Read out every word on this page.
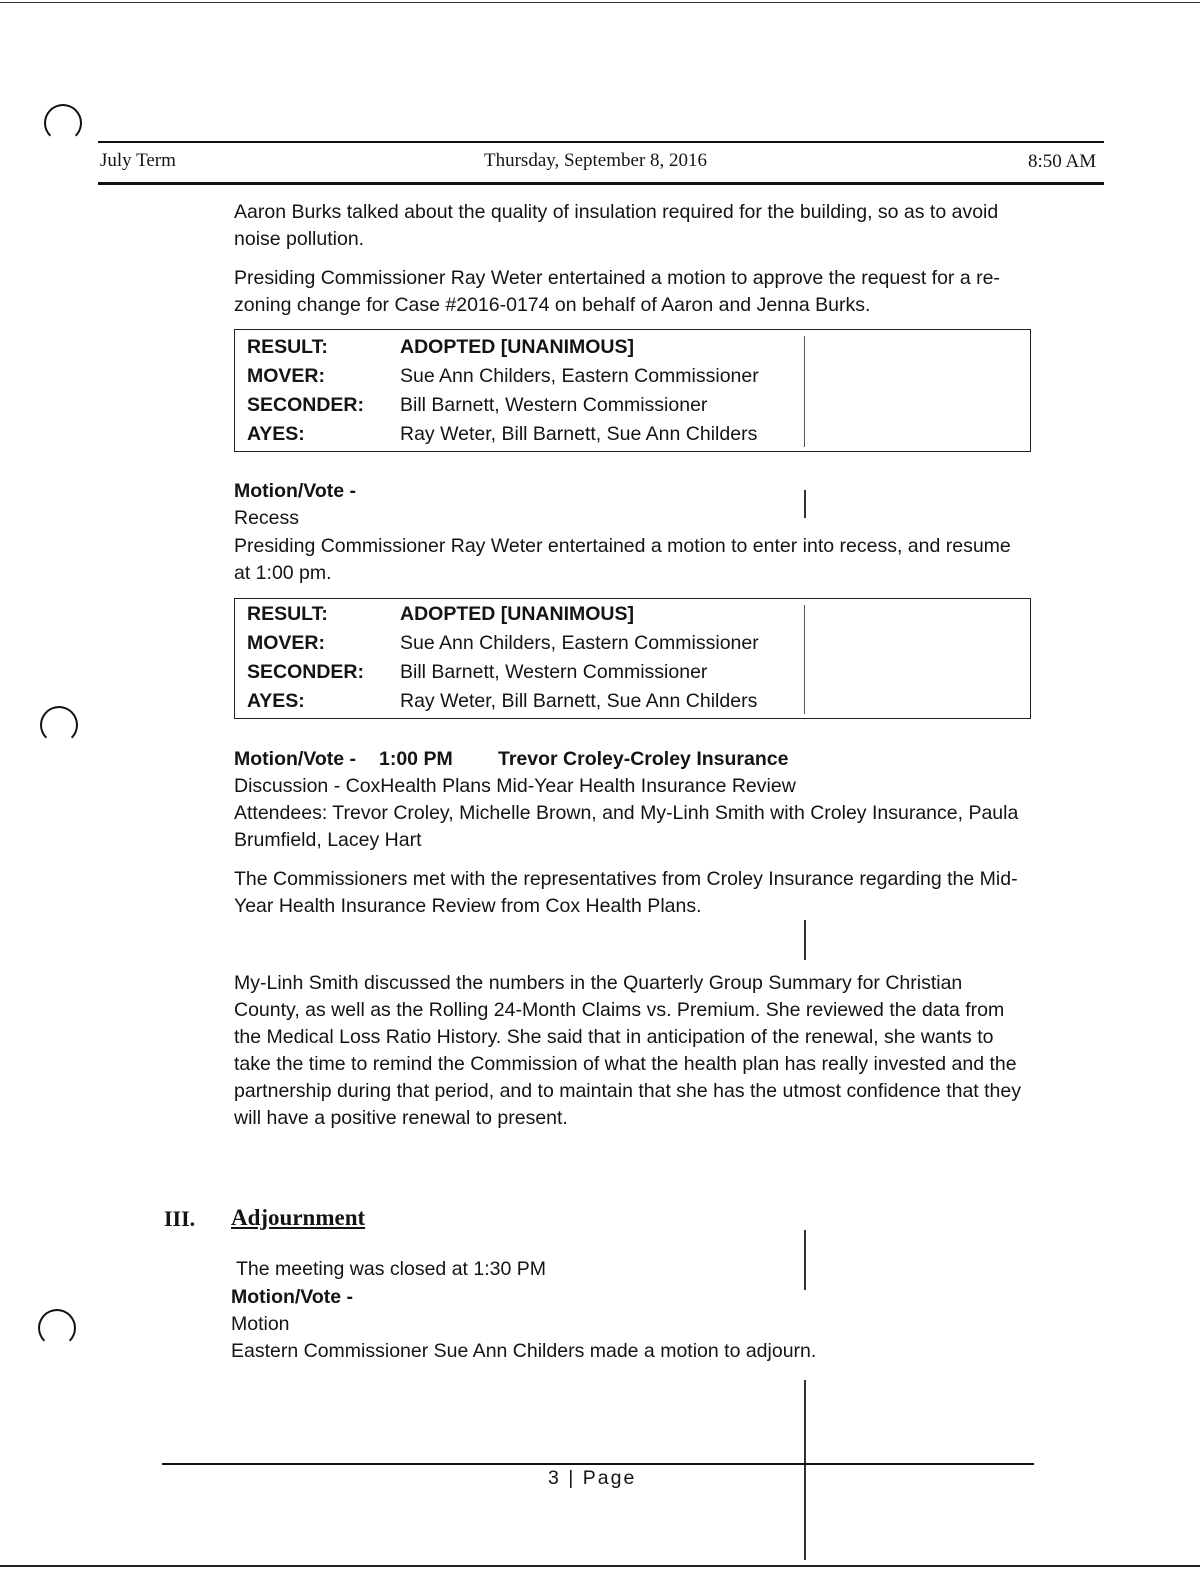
July Term	Thursday, September 8, 2016	8:50 AM
Aaron Burks talked about the quality of insulation required for the building, so as to avoid noise pollution.
Presiding Commissioner Ray Weter entertained a motion to approve the request for a re-zoning change for Case #2016-0174 on behalf of Aaron and Jenna Burks.
RESULT:	ADOPTED [UNANIMOUS]
MOVER:	Sue Ann Childers, Eastern Commissioner
SECONDER: Bill Barnett, Western Commissioner
AYES:	Ray Weter, Bill Barnett, Sue Ann Childers
Motion/Vote -
Recess
Presiding Commissioner Ray Weter entertained a motion to enter into recess, and resume at 1:00 pm.
RESULT:	ADOPTED [UNANIMOUS]
MOVER:	Sue Ann Childers, Eastern Commissioner
SECONDER: Bill Barnett, Western Commissioner
AYES:	Ray Weter, Bill Barnett, Sue Ann Childers
Motion/Vote - 1:00 PM Trevor Croley-Croley Insurance
Discussion - CoxHealth Plans Mid-Year Health Insurance Review
Attendees: Trevor Croley, Michelle Brown, and My-Linh Smith with Croley Insurance, Paula Brumfield, Lacey Hart
The Commissioners met with the representatives from Croley Insurance regarding the Mid-Year Health Insurance Review from Cox Health Plans.
My-Linh Smith discussed the numbers in the Quarterly Group Summary for Christian County, as well as the Rolling 24-Month Claims vs. Premium. She reviewed the data from the Medical Loss Ratio History. She said that in anticipation of the renewal, she wants to take the time to remind the Commission of what the health plan has really invested and the partnership during that period, and to maintain that she has the utmost confidence that they will have a positive renewal to present.
III. Adjournment
The meeting was closed at 1:30 PM
Motion/Vote -
Motion
Eastern Commissioner Sue Ann Childers made a motion to adjourn.
3 | Page
